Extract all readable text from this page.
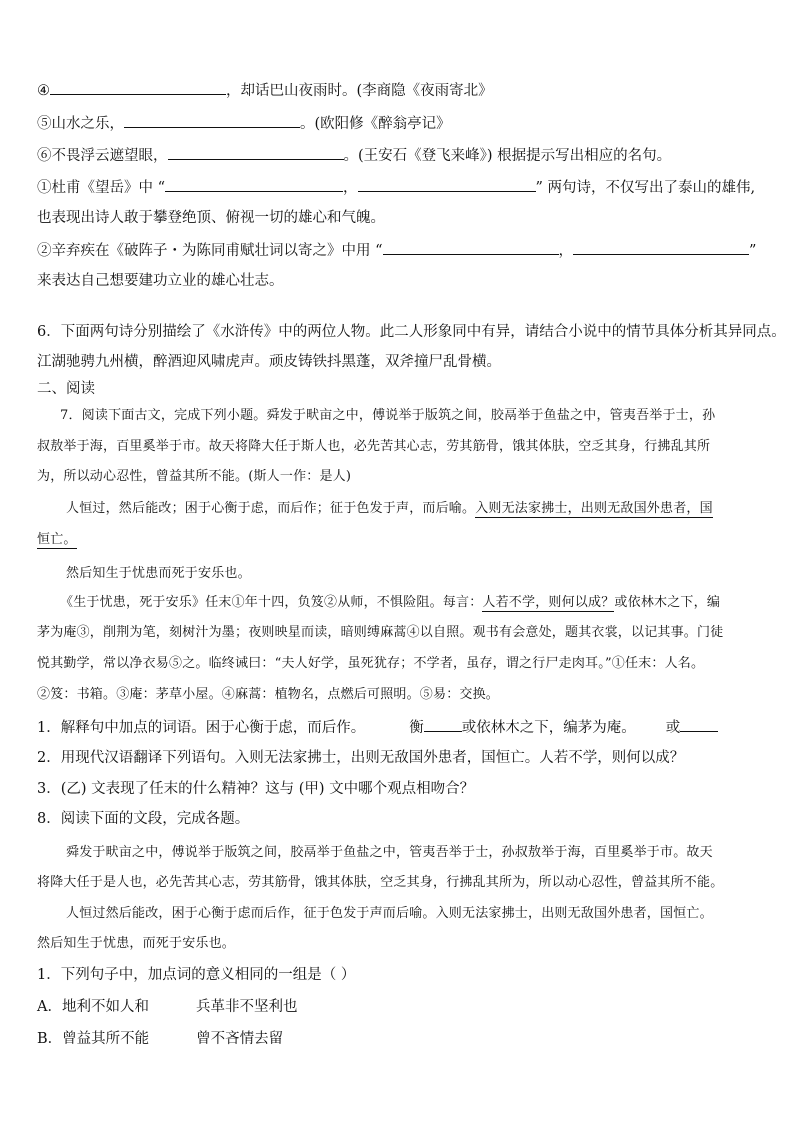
④	，却话巴山夜雨时。(李商隐《夜雨寄北》
⑤山水之乐，	。(欧阳修《醉翁亭记》
⑥不畏浮云遮望眼，	。(王安石《登飞来峰》) 根据提示写出相应的名句。
①杜甫《望岳》中 “	，	” 两句诗，不仅写出了泰山的雄伟,
也表现出诗人敢于攀登绝顶、俯视一切的雄心和气魄。
②辛弃疾在《破阵子・为陈同甫赋壮词以寄之》中用 “	，	”
来表达自己想要建功立业的雄心壮志。
6．下面两句诗分别描绘了《水浒传》中的两位人物。此二人形象同中有异，请结合小说中的情节具体分析其异同点。
江湖驰骋九州横，醉酒迎风啸虎声。顽皮铸铁抖黑蓬，双斧撞尸乱骨横。
二、阅读
7．阅读下面古文，完成下列小题。舜发于畎亩之中，傅说举于版筑之间，胶鬲举于鱼盐之中，管夷吾举于士，孙
叔敖举于海，百里奚举于市。故天将降大任于斯人也，必先苦其心志，劳其筋骨，饿其体肤，空乏其身，行拂乱其所
为，所以动心忍性，曾益其所不能。(斯人一作：是人)
人恒过，然后能改；困于心衡于虑，而后作；征于色发于声，而后喻。入则无法家拂士，出则无敌国外患者，国
恒亡。
然后知生于忧患而死于安乐也。
《生于忧患，死于安乐》任末①年十四，负笈②从师，不惧险阻。每言：人若不学，则何以成？或依林木之下，编
茅为庵③，削荆为笔，刻树汁为墨；夜则映星而读，暗则缚麻蒿④以自照。观书有会意处，题其衣裳，以记其事。门徒
悦其勤学，常以净衣易⑤之。临终诫曰：“夫人好学，虽死犹存；不学者，虽存，谓之行尸走肉耳。”①任末：人名。
②笈：书箱。③庵：茅草小屋。④麻蒿：植物名，点燃后可照明。⑤易：交换。
1．解释句中加点的词语。困于心衡于虑，而后作。	衡	或依林木之下，编茅为庵。 或
2．用现代汉语翻译下列语句。入则无法家拂士，出则无敌国外患者，国恒亡。人若不学，则何以成？
3．(乙) 文表现了任末的什么精神？这与 (甲) 文中哪个观点相吻合？
8．阅读下面的文段，完成各题。
舜发于畎亩之中，傅说举于版筑之间，胶鬲举于鱼盐之中，管夷吾举于士，孙叔敖举于海，百里奚举于市。故天
将降大任于是人也，必先苦其心志，劳其筋骨，饿其体肤，空乏其身，行拂乱其所为，所以动心忍性，曾益其所不能。
人恒过然后能改，困于心衡于虑而后作，征于色发于声而后喻。入则无法家拂士，出则无敌国外患者，国恒亡。
然后知生于忧患，而死于安乐也。
1．下列句子中，加点词的意义相同的一组是（ ）
A．地利不如人和	兵革非不坚利也
B．曾益其所不能	曾不吝情去留
